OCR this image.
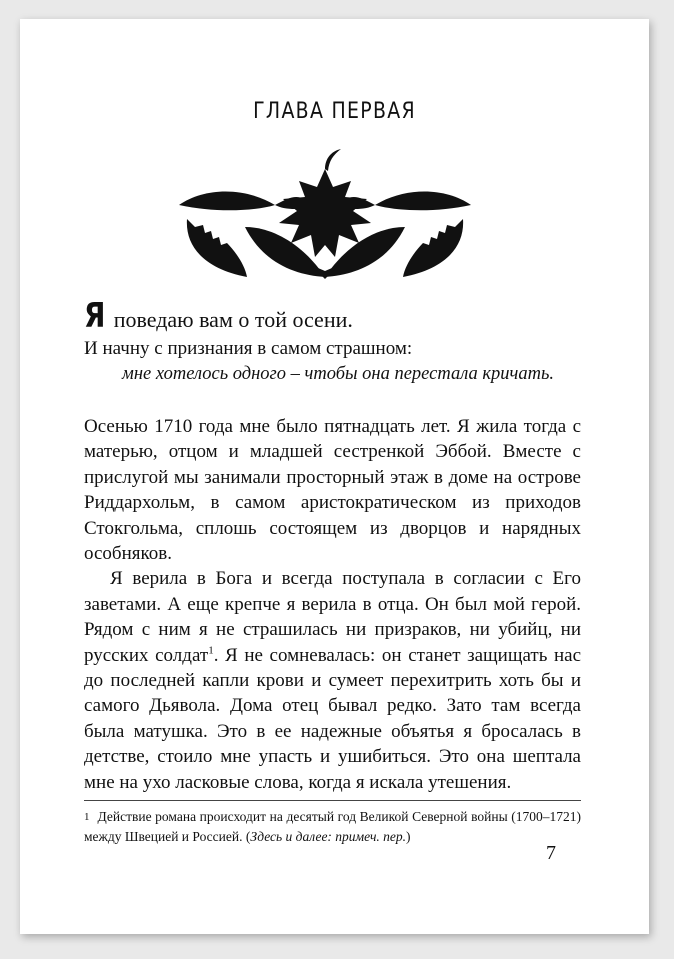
ГЛАВА ПЕРВАЯ
Я поведаю вам о той осени.
И начну с признания в самом страшном:
мне хотелось одного – чтобы она перестала кричать.

Осенью 1710 года мне было пятнадцать лет. Я жила тогда с матерью, отцом и младшей сестренкой Эббой. Вместе с прислугой мы занимали просторный этаж в доме на острове Риддархольм, в самом аристократическом из приходов Стокгольма, сплошь состоящем из дворцов и нарядных особняков.

Я верила в Бога и всегда поступала в согласии с Его заветами. А еще крепче я верила в отца. Он был мой герой. Рядом с ним я не страшилась ни призраков, ни убийц, ни русских солдат$^1$. Я не сомневалась: он станет защищать нас до последней капли крови и сумеет перехитрить хоть бы и самого Дьявола. Дома отец бывал редко. Зато там всегда была матушка. Это в ее надежные объятья я бросалась в детстве, стоило мне упасть и ушибиться. Это она шептала мне на ухо ласковые слова, когда я искала утешения.

$^1$ Действие романа происходит на десятый год Великой Северной войны (1700–1721) между Швецией и Россией. (Здесь и далее: примеч. пер.)
7
